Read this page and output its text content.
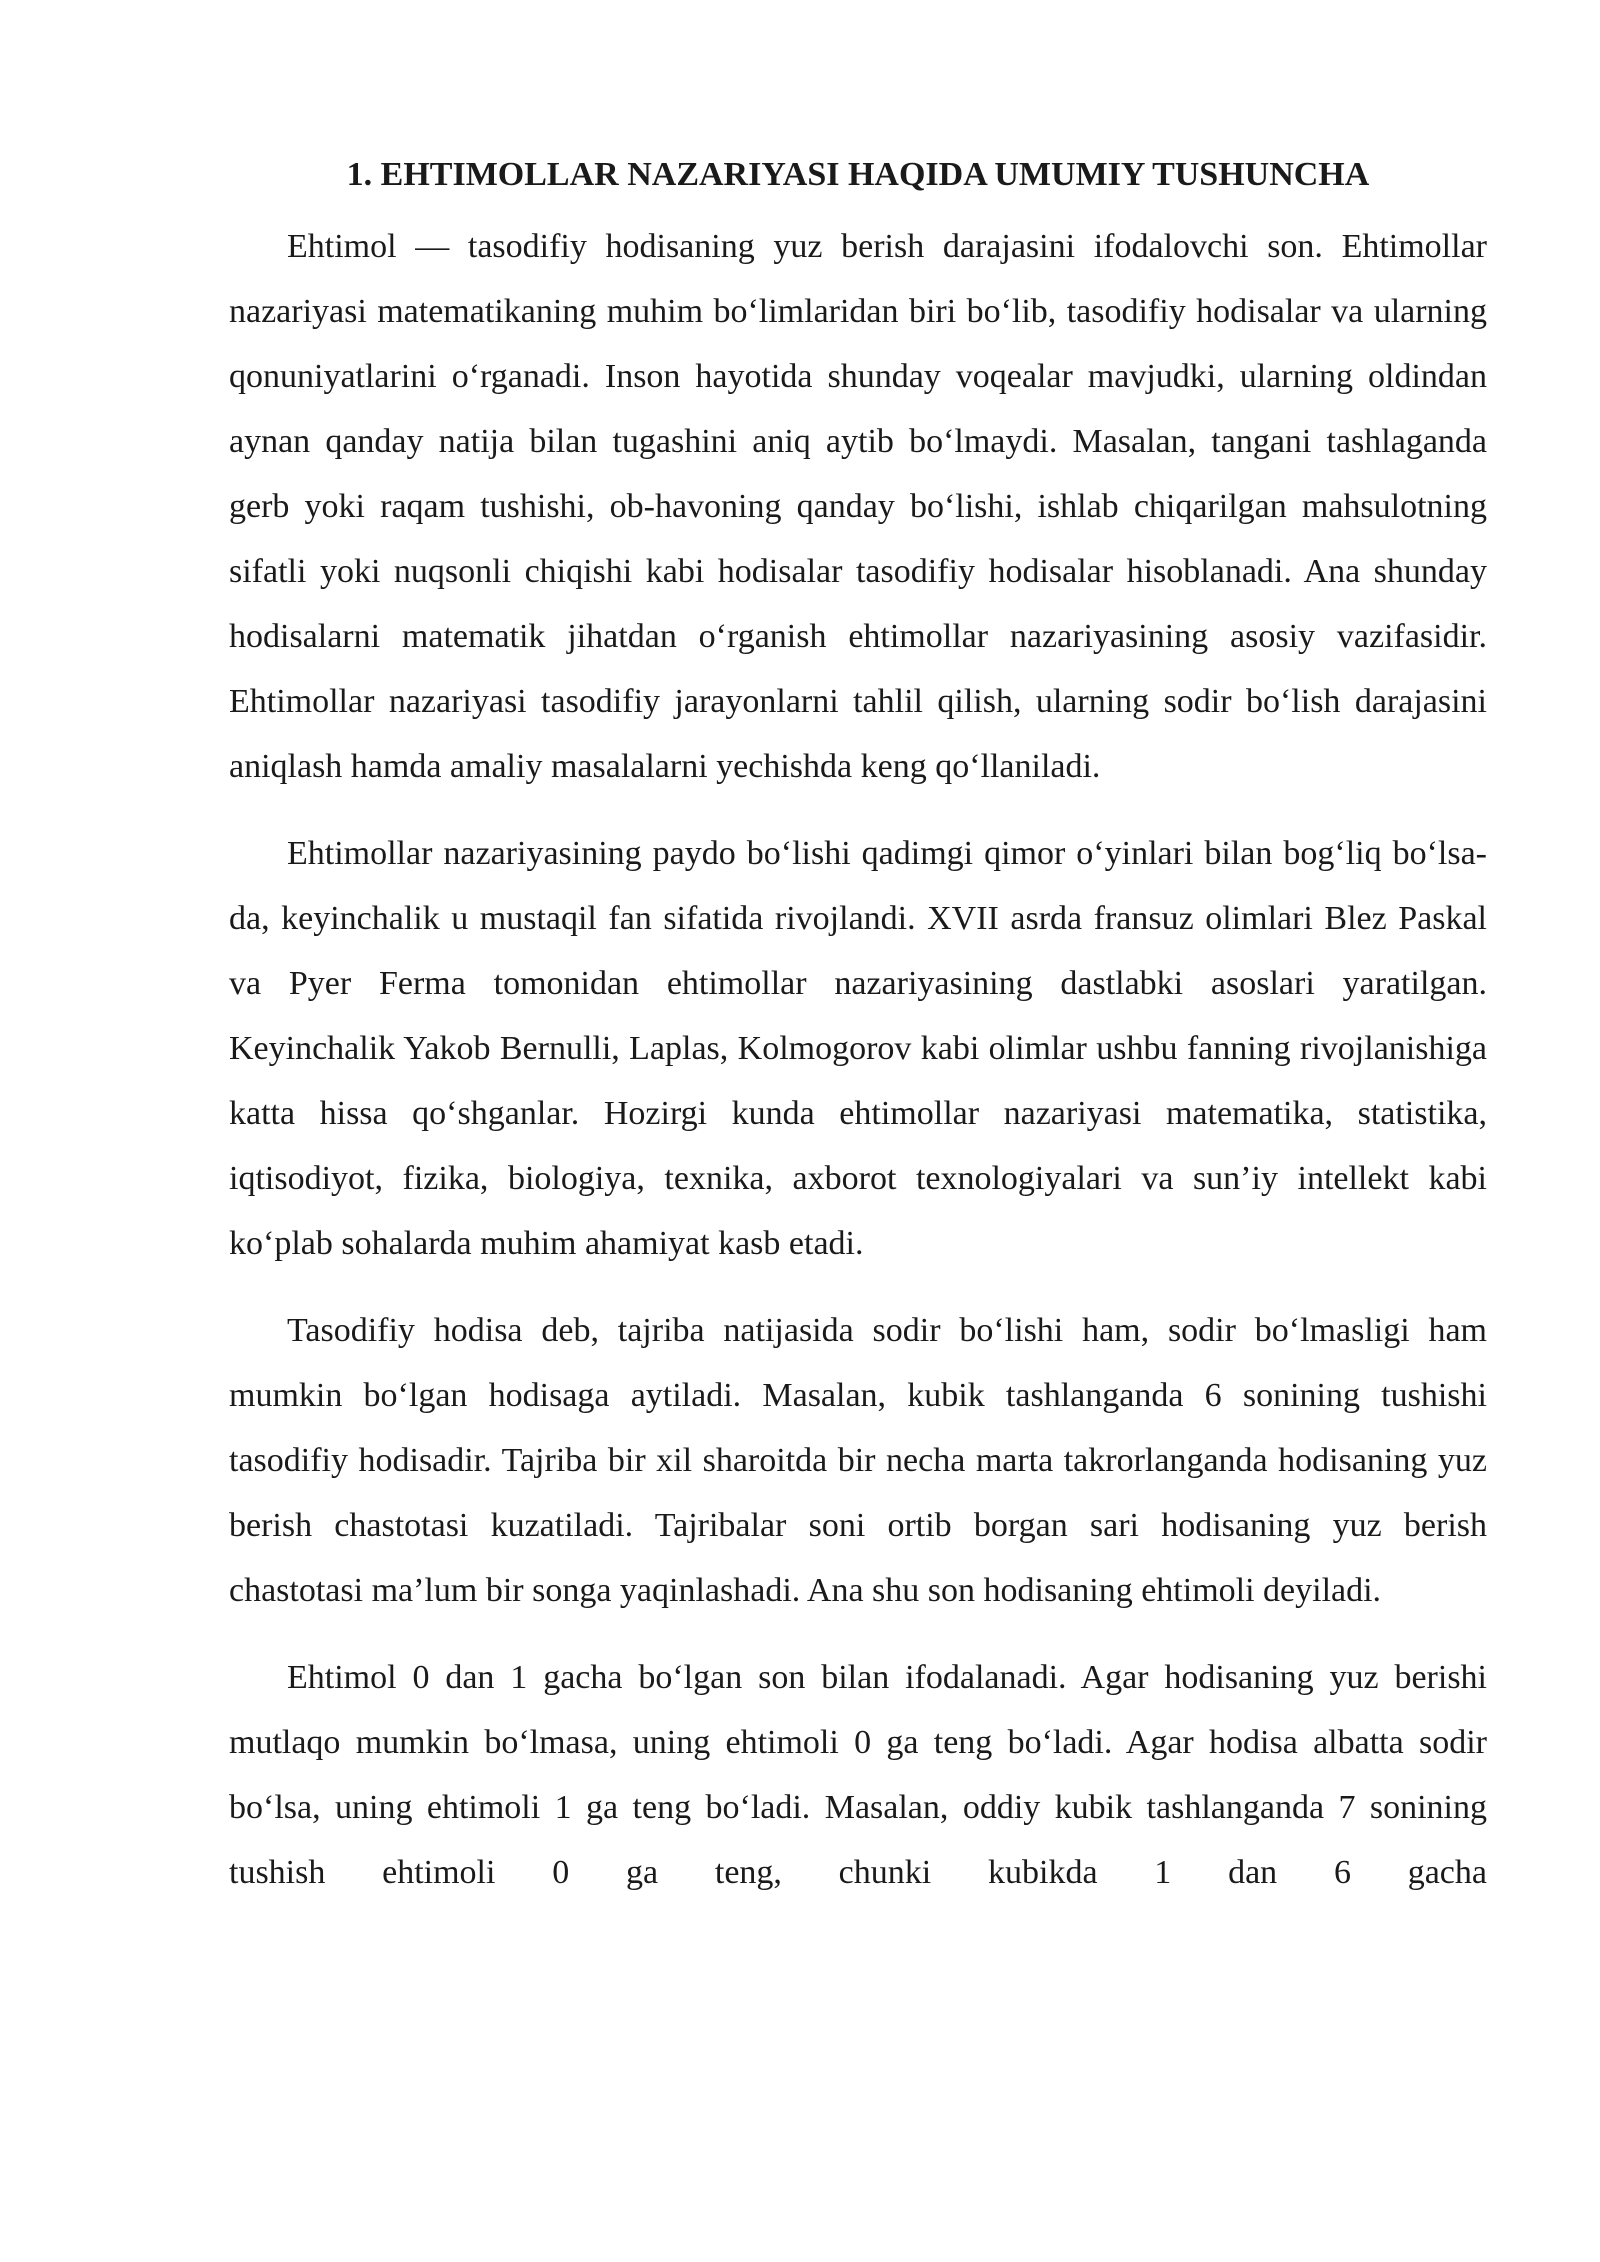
1. EHTIMOLLAR NAZARIYASI HAQIDA UMUMIY TUSHUNCHA

Ehtimol — tasodifiy hodisaning yuz berish darajasini ifodalovchi son. Ehtimollar nazariyasi matematikaning muhim bo‘limlaridan biri bo‘lib, tasodifiy hodisalar va ularning qonuniyatlarini o‘rganadi. Inson hayotida shunday voqealar mavjudki, ularning oldindan aynan qanday natija bilan tugashini aniq aytib bo‘lmaydi. Masalan, tangani tashlaganda gerb yoki raqam tushishi, ob-havoning qanday bo‘lishi, ishlab chiqarilgan mahsulotning sifatli yoki nuqsonli chiqishi kabi hodisalar tasodifiy hodisalar hisoblanadi. Ana shunday hodisalarni matematik jihatdan o‘rganish ehtimollar nazariyasining asosiy vazifasidir. Ehtimollar nazariyasi tasodifiy jarayonlarni tahlil qilish, ularning sodir bo‘lish darajasini aniqlash hamda amaliy masalalarni yechishda keng qo‘llaniladi.

Ehtimollar nazariyasining paydo bo‘lishi qadimgi qimor o‘yinlari bilan bog‘liq bo‘lsa-da, keyinchalik u mustaqil fan sifatida rivojlandi. XVII asrda fransuz olimlari Blez Paskal va Pyer Ferma tomonidan ehtimollar nazariyasining dastlabki asoslari yaratilgan. Keyinchalik Yakob Bernulli, Laplas, Kolmogorov kabi olimlar ushbu fanning rivojlanishiga katta hissa qo‘shganlar. Hozirgi kunda ehtimollar nazariyasi matematika, statistika, iqtisodiyot, fizika, biologiya, texnika, axborot texnologiyalari va sun’iy intellekt kabi ko‘plab sohalarda muhim ahamiyat kasb etadi.

Tasodifiy hodisa deb, tajriba natijasida sodir bo‘lishi ham, sodir bo‘lmasligi ham mumkin bo‘lgan hodisaga aytiladi. Masalan, kubik tashlanganda 6 sonining tushishi tasodifiy hodisadir. Tajriba bir xil sharoitda bir necha marta takrorlanganda hodisaning yuz berish chastotasi kuzatiladi. Tajribalar soni ortib borgan sari hodisaning yuz berish chastotasi ma’lum bir songa yaqinlashadi. Ana shu son hodisaning ehtimoli deyiladi.

Ehtimol 0 dan 1 gacha bo‘lgan son bilan ifodalanadi. Agar hodisaning yuz berishi mutlaqo mumkin bo‘lmasa, uning ehtimoli 0 ga teng bo‘ladi. Agar hodisa albatta sodir bo‘lsa, uning ehtimoli 1 ga teng bo‘ladi. Masalan, oddiy kubik tashlanganda 7 sonining tushish ehtimoli 0 ga teng, chunki kubikda 1 dan 6 gacha
